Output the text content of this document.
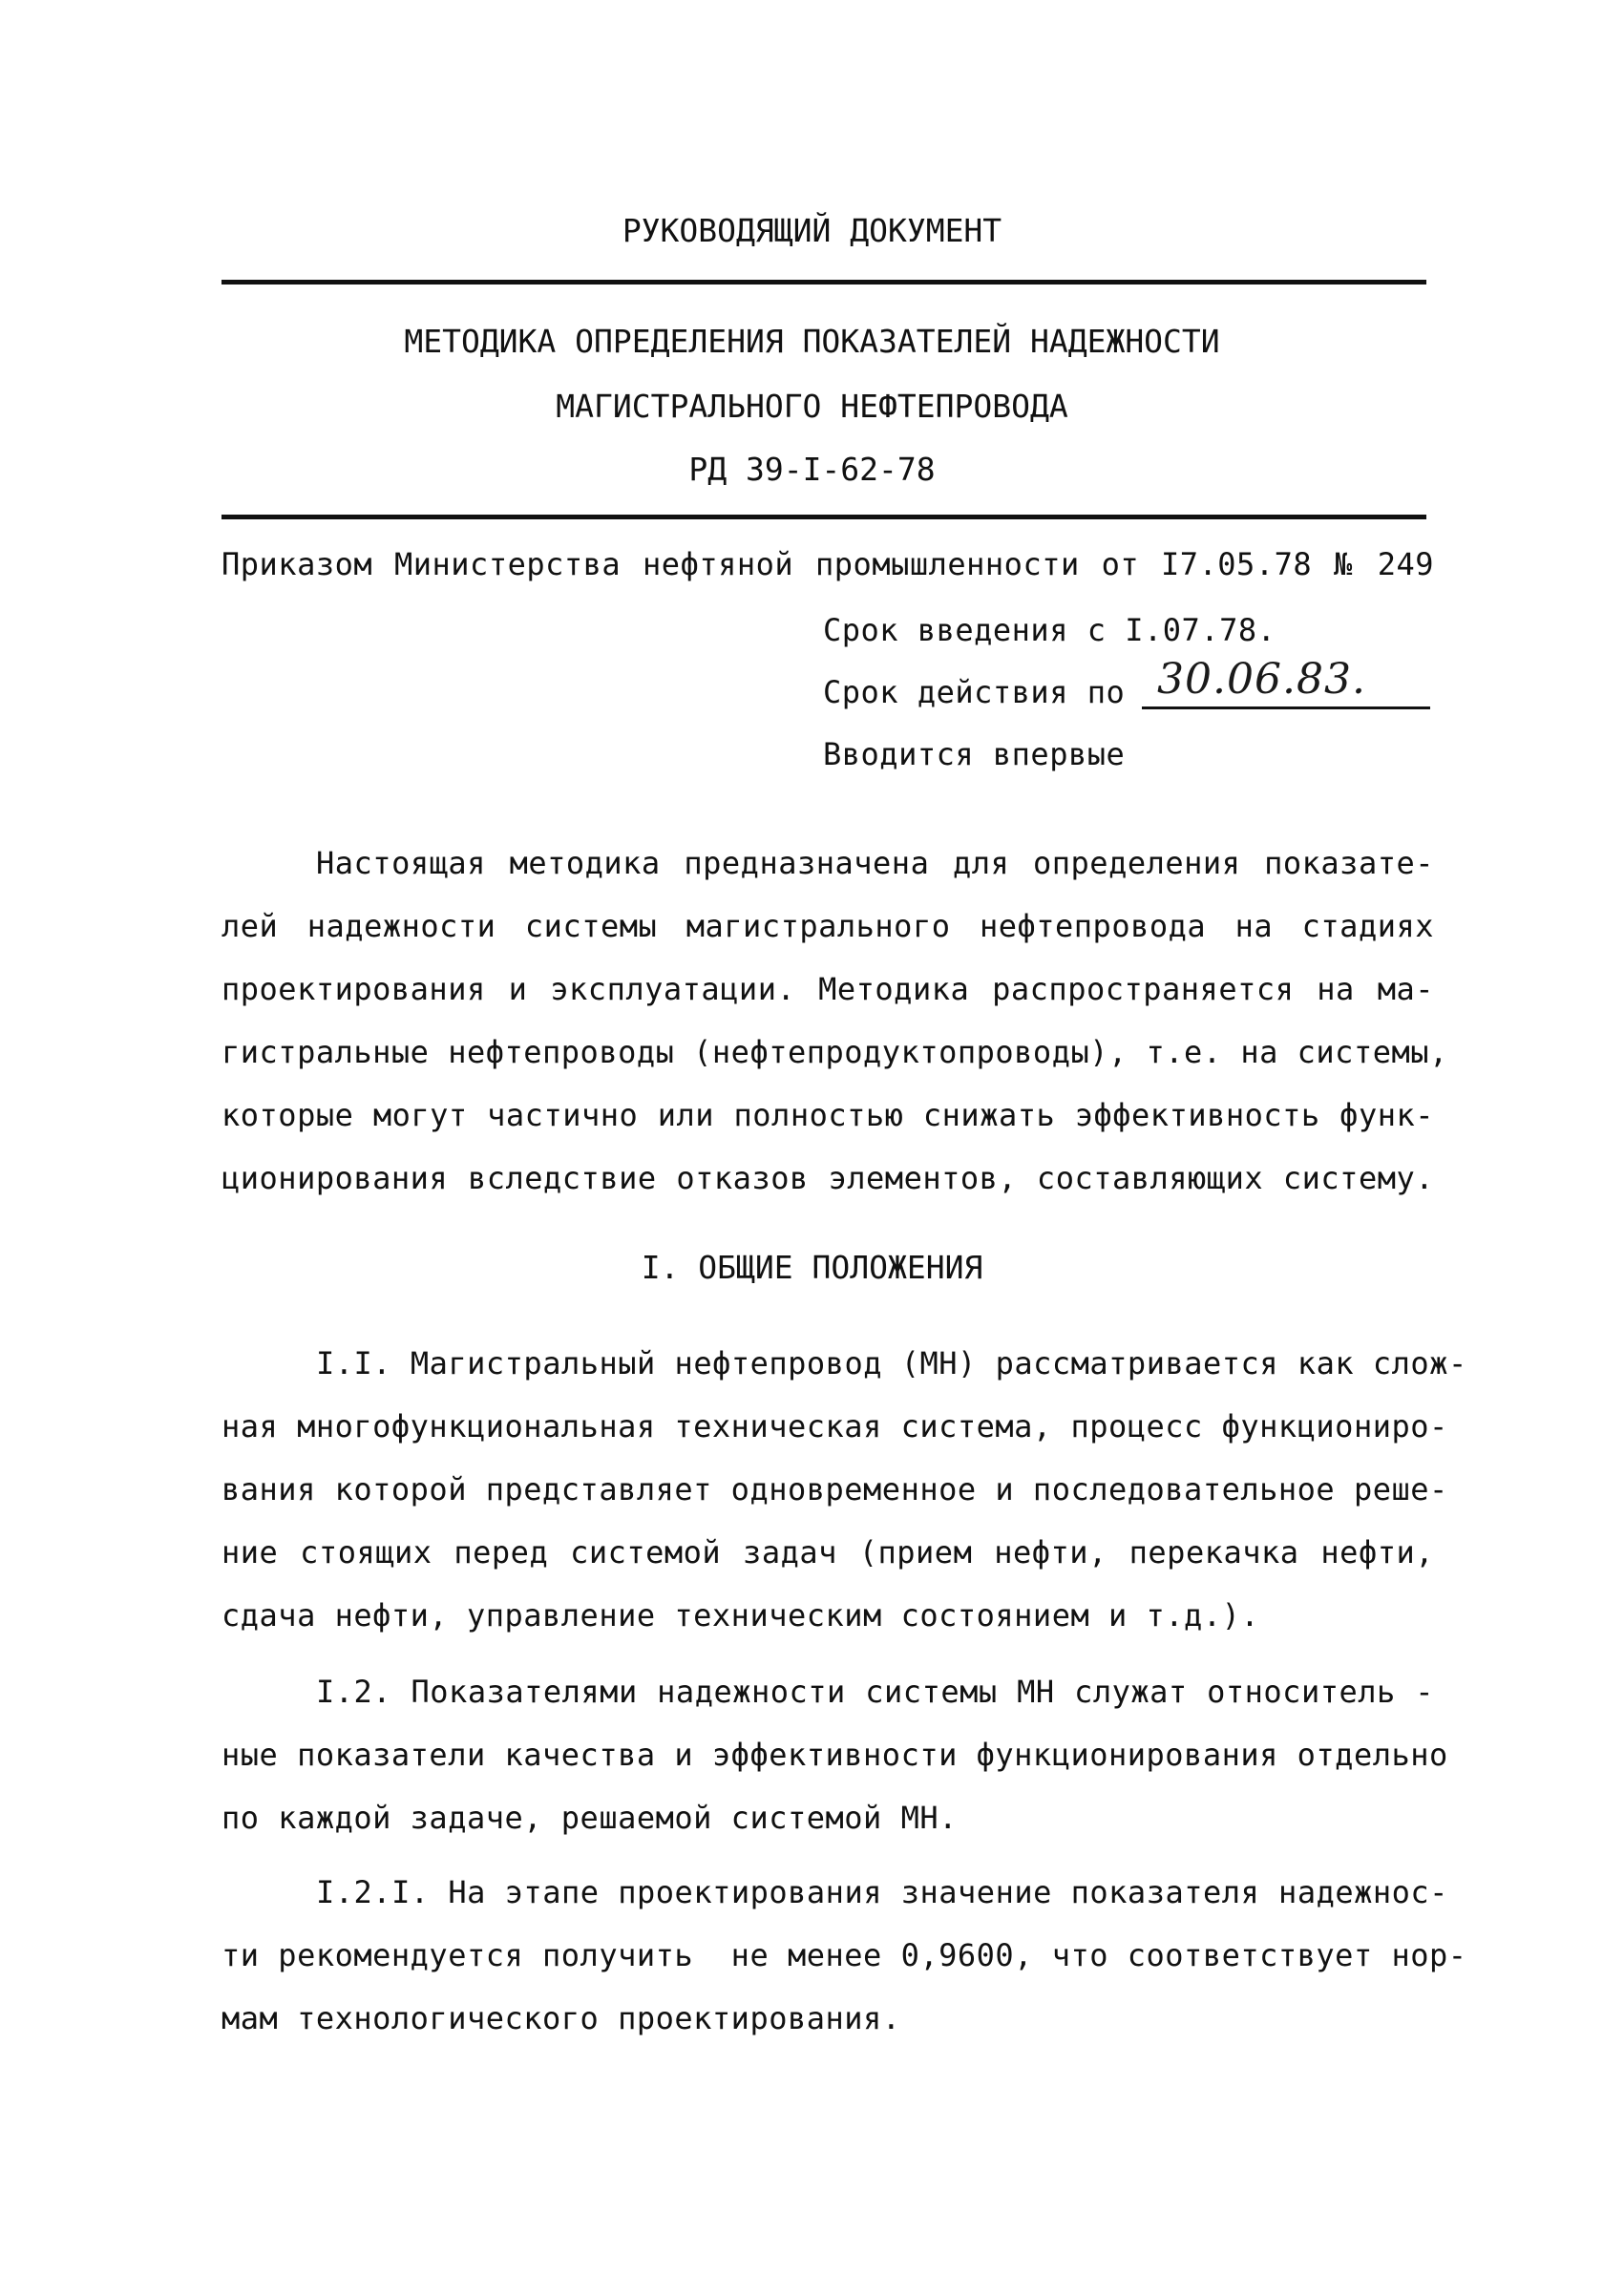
РУКОВОДЯЩИЙ ДОКУМЕНТ
МЕТОДИКА ОПРЕДЕЛЕНИЯ ПОКАЗАТЕЛЕЙ НАДЕЖНОСТИ
МАГИСТРАЛЬНОГО НЕФТЕПРОВОДА
РД 39-I-62-78
Приказом Министерства нефтяной промышленности от I7.05.78 № 249
Срок введения с I.07.78.
Срок действия по 30.06.83.
Вводится впервые
Настоящая методика предназначена для определения показате-
лей надежности системы магистрального нефтепровода на стадиях
проектирования и эксплуатации. Методика распространяется на ма-
гистральные нефтепроводы (нефтепродуктопроводы), т.е. на системы,
которые могут частично или полностью снижать эффективность функ-
ционирования вследствие отказов элементов, составляющих систему.
I. ОБЩИЕ ПОЛОЖЕНИЯ
I.I. Магистральный нефтепровод (МН) рассматривается как слож-
ная многофункциональная техническая система, процесс функциониро-
вания которой представляет одновременное и последовательное реше-
ние стоящих перед системой задач (прием нефти, перекачка нефти,
сдача нефти, управление техническим состоянием и т.д.).
I.2. Показателями надежности системы МН служат относитель -
ные показатели качества и эффективности функционирования отдельно
по каждой задаче, решаемой системой МН.
I.2.I. На этапе проектирования значение показателя надежнос-
ти рекомендуется получить  не менее 0,9600, что соответствует нор-
мам технологического проектирования.
